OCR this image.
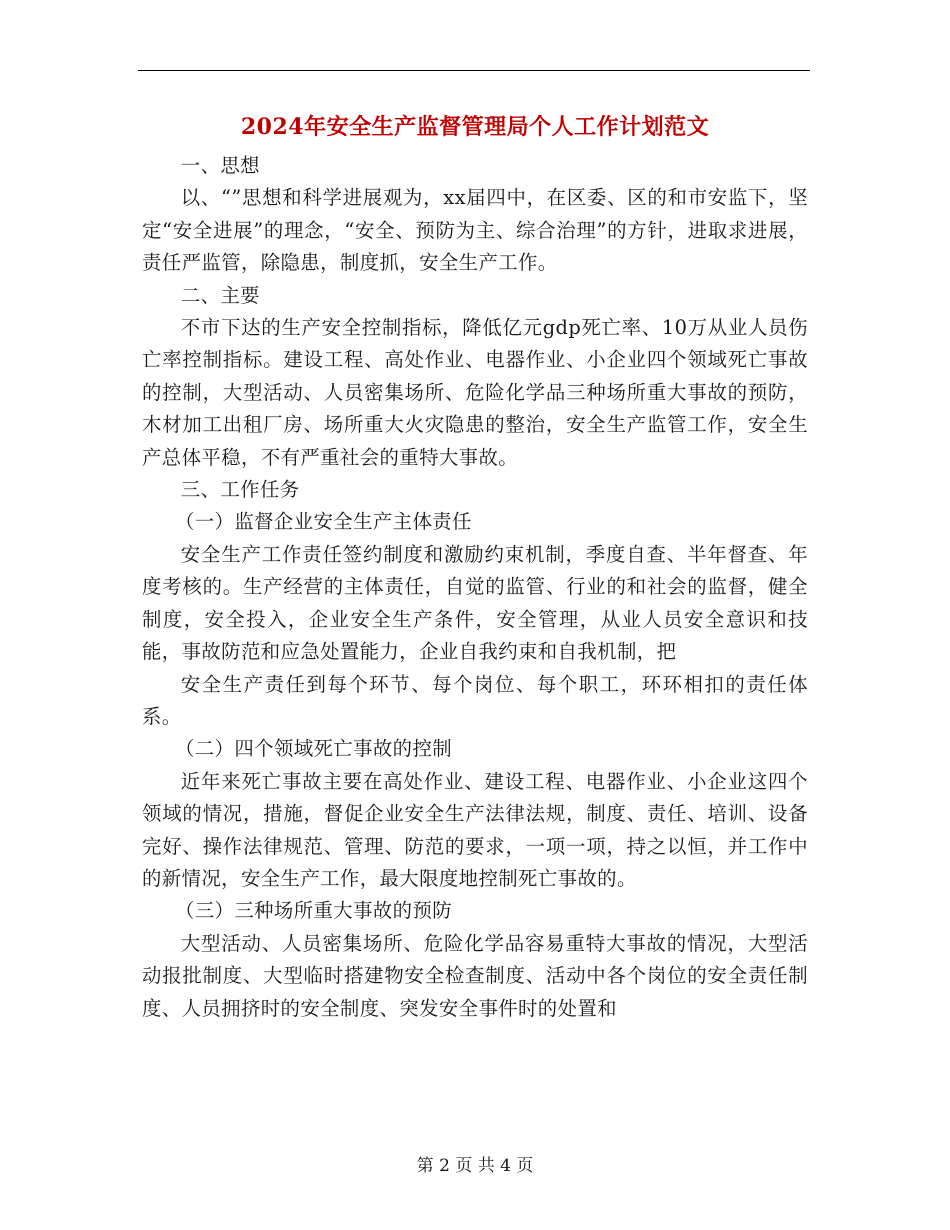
2024年安全生产监督管理局个人工作计划范文

一、思想

以、“”思想和科学进展观为，xx届四中，在区委、区的和市安监下，坚定“安全进展”的理念，“安全、预防为主、综合治理”的方针，进取求进展，责任严监管，除隐患，制度抓，安全生产工作。

二、主要

不市下达的生产安全控制指标，降低亿元gdp死亡率、10万从业人员伤亡率控制指标。建设工程、高处作业、电器作业、小企业四个领域死亡事故的控制，大型活动、人员密集场所、危险化学品三种场所重大事故的预防，木材加工出租厂房、场所重大火灾隐患的整治，安全生产监管工作，安全生产总体平稳，不有严重社会的重特大事故。

三、工作任务

（一）监督企业安全生产主体责任

安全生产工作责任签约制度和激励约束机制，季度自查、半年督查、年度考核的。生产经营的主体责任，自觉的监管、行业的和社会的监督，健全制度，安全投入，企业安全生产条件，安全管理，从业人员安全意识和技能，事故防范和应急处置能力，企业自我约束和自我机制，把

安全生产责任到每个环节、每个岗位、每个职工，环环相扣的责任体系。

（二）四个领域死亡事故的控制

近年来死亡事故主要在高处作业、建设工程、电器作业、小企业这四个领域的情况，措施，督促企业安全生产法律法规，制度、责任、培训、设备完好、操作法律规范、管理、防范的要求，一项一项，持之以恒，并工作中的新情况，安全生产工作，最大限度地控制死亡事故的。

（三）三种场所重大事故的预防

大型活动、人员密集场所、危险化学品容易重特大事故的情况，大型活动报批制度、大型临时搭建物安全检查制度、活动中各个岗位的安全责任制度、人员拥挤时的安全制度、突发安全事件时的处置和

第 2 页 共 4 页
